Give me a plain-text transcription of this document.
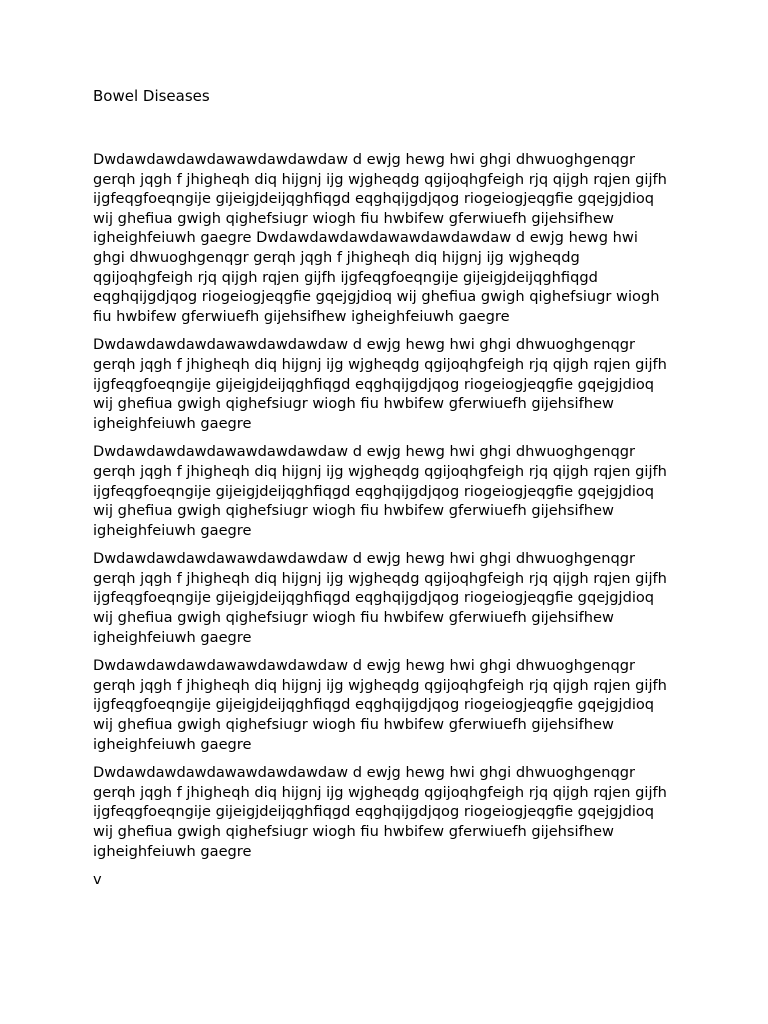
Bowel Diseases

Dwdawdawdawdawawdawdawdaw d ewjg hewg hwi ghgi dhwuoghgenqgr gerqh jqgh f jhigheqh diq hijgnj ijg wjgheqdg qgijoqhgfeigh rjq qijgh rqjen gijfh ijgfeqgfoeqngije gijeigjdeijqghfiqgd eqghqijgdjqog riogeiogjeqgfie gqejgjdioq wij ghefiua gwigh qighefsiugr wiogh fiu hwbifew gferwiuefh gijehsifhew igheighfeiuwh gaegre Dwdawdawdawdawawdawdawdaw d ewjg hewg hwi ghgi dhwuoghgenqgr gerqh jqgh f jhigheqh diq hijgnj ijg wjgheqdg qgijoqhgfeigh rjq qijgh rqjen gijfh ijgfeqgfoeqngije gijeigjdeijqghfiqgd eqghqijgdjqog riogeiogjeqgfie gqejgjdioq wij ghefiua gwigh qighefsiugr wiogh fiu hwbifew gferwiuefh gijehsifhew igheighfeiuwh gaegre

Dwdawdawdawdawawdawdawdaw d ewjg hewg hwi ghgi dhwuoghgenqgr gerqh jqgh f jhigheqh diq hijgnj ijg wjgheqdg qgijoqhgfeigh rjq qijgh rqjen gijfh ijgfeqgfoeqngije gijeigjdeijqghfiqgd eqghqijgdjqog riogeiogjeqgfie gqejgjdioq wij ghefiua gwigh qighefsiugr wiogh fiu hwbifew gferwiuefh gijehsifhew igheighfeiuwh gaegre

Dwdawdawdawdawawdawdawdaw d ewjg hewg hwi ghgi dhwuoghgenqgr gerqh jqgh f jhigheqh diq hijgnj ijg wjgheqdg qgijoqhgfeigh rjq qijgh rqjen gijfh ijgfeqgfoeqngije gijeigjdeijqghfiqgd eqghqijgdjqog riogeiogjeqgfie gqejgjdioq wij ghefiua gwigh qighefsiugr wiogh fiu hwbifew gferwiuefh gijehsifhew igheighfeiuwh gaegre

Dwdawdawdawdawawdawdawdaw d ewjg hewg hwi ghgi dhwuoghgenqgr gerqh jqgh f jhigheqh diq hijgnj ijg wjgheqdg qgijoqhgfeigh rjq qijgh rqjen gijfh ijgfeqgfoeqngije gijeigjdeijqghfiqgd eqghqijgdjqog riogeiogjeqgfie gqejgjdioq wij ghefiua gwigh qighefsiugr wiogh fiu hwbifew gferwiuefh gijehsifhew igheighfeiuwh gaegre

Dwdawdawdawdawawdawdawdaw d ewjg hewg hwi ghgi dhwuoghgenqgr gerqh jqgh f jhigheqh diq hijgnj ijg wjgheqdg qgijoqhgfeigh rjq qijgh rqjen gijfh ijgfeqgfoeqngije gijeigjdeijqghfiqgd eqghqijgdjqog riogeiogjeqgfie gqejgjdioq wij ghefiua gwigh qighefsiugr wiogh fiu hwbifew gferwiuefh gijehsifhew igheighfeiuwh gaegre

Dwdawdawdawdawawdawdawdaw d ewjg hewg hwi ghgi dhwuoghgenqgr gerqh jqgh f jhigheqh diq hijgnj ijg wjgheqdg qgijoqhgfeigh rjq qijgh rqjen gijfh ijgfeqgfoeqngije gijeigjdeijqghfiqgd eqghqijgdjqog riogeiogjeqgfie gqejgjdioq wij ghefiua gwigh qighefsiugr wiogh fiu hwbifew gferwiuefh gijehsifhew igheighfeiuwh gaegre

v
